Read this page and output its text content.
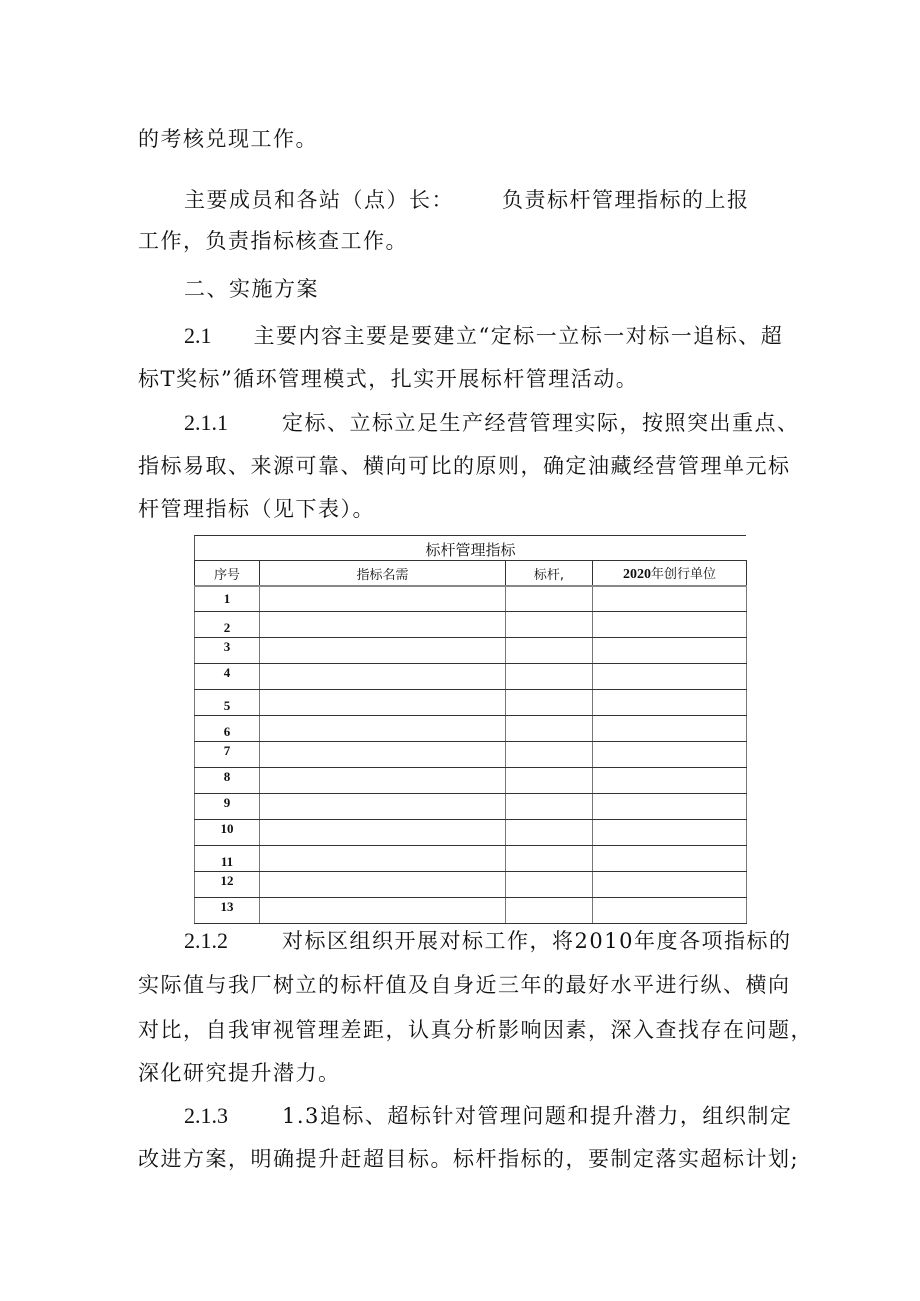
的考核兑现工作。
主要成员和各站（点）长： 负责标杆管理指标的上报
工作，负责指标核查工作。
二、实施方案
2.1 主要内容主要是要建立“定标一立标一对标一追标、超
标T奖标”循环管理模式，扎实开展标杆管理活动。
2.1.1	定标、立标立足生产经营管理实际，按照突出重点、
指标易取、来源可靠、横向可比的原则，确定油藏经营管理单元标
杆管理指标（见下表）。
标杆管理指标
序号	指标名需	标杆,	2020年创行单位
1			
2			
3			
4			
5			
6			
7			
8			
9			
10			
11			
12			
13			
2.1.2	对标区组织开展对标工作，将2010年度各项指标的
实际值与我厂树立的标杆值及自身近三年的最好水平进行纵、横向
对比，自我审视管理差距，认真分析影响因素，深入查找存在问题，
深化研究提升潜力。
2.1.3	1.3追标、超标针对管理问题和提升潜力，组织制定
改进方案，明确提升赶超目标。标杆指标的，要制定落实超标计划;
